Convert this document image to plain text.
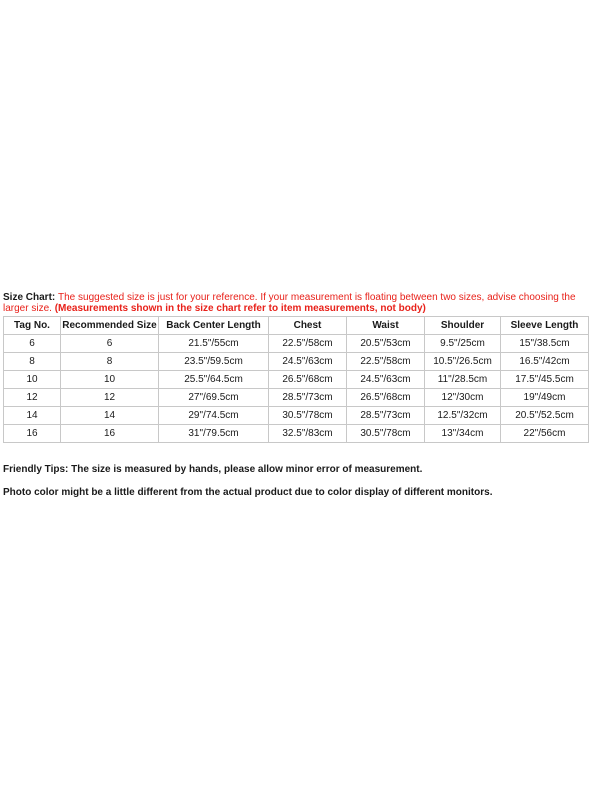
Size Chart: The suggested size is just for your reference. If your measurement is floating between two sizes, advise choosing the larger size. (Measurements shown in the size chart refer to item measurements, not body)

Tag No.	Recommended Size	Back Center Length	Chest	Waist	Shoulder	Sleeve Length
6	6	21.5"/55cm	22.5"/58cm	20.5"/53cm	9.5"/25cm	15"/38.5cm
8	8	23.5"/59.5cm	24.5"/63cm	22.5"/58cm	10.5"/26.5cm	16.5"/42cm
10	10	25.5"/64.5cm	26.5"/68cm	24.5"/63cm	11"/28.5cm	17.5"/45.5cm
12	12	27"/69.5cm	28.5"/73cm	26.5"/68cm	12"/30cm	19"/49cm
14	14	29"/74.5cm	30.5"/78cm	28.5"/73cm	12.5"/32cm	20.5"/52.5cm
16	16	31"/79.5cm	32.5"/83cm	30.5"/78cm	13"/34cm	22"/56cm

Friendly Tips: The size is measured by hands, please allow minor error of measurement.

Photo color might be a little different from the actual product due to color display of different monitors.
